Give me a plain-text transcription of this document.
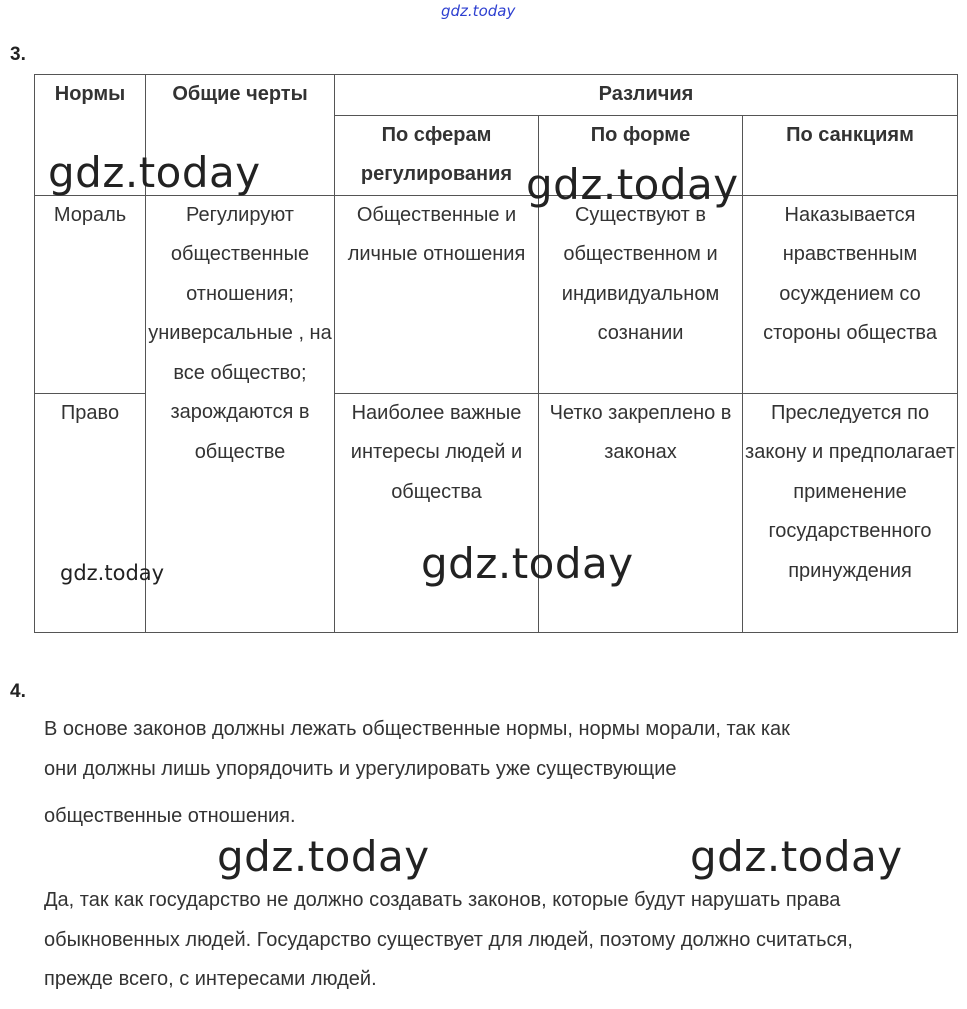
gdz.today
3.
Нормы	Общие черты	Различия		
		По сферам регулирования	По форме	По санкциям
Мораль	Регулируют общественные отношения; универсальные , на все общество; зарождаются в обществе	Общественные и личные отношения	Существуют в общественном и индивидуальном сознании	Наказывается нравственным осуждением со стороны общества
Право		Наиболее важные интересы людей и общества	Четко закреплено в законах	Преследуется по закону и предполагает применение государственного принуждения
gdz.today	gdz.today
gdz.today	gdz.today
4.
В основе законов должны лежать общественные нормы, нормы морали, так как
они должны лишь упорядочить и урегулировать уже существующие
общественные отношения.
gdz.today	gdz.today
Да, так как государство не должно создавать законов, которые будут нарушать права обыкновенных людей. Государство существует для людей, поэтому должно считаться, прежде всего, с интересами людей.
